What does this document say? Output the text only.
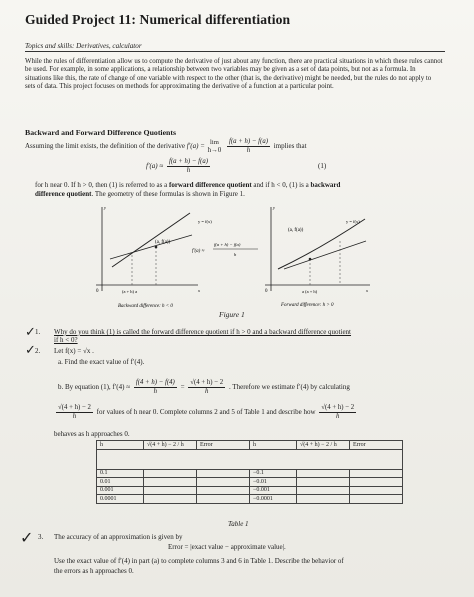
Guided Project 11: Numerical differentiation
Topics and skills: Derivatives, calculator
While the rules of differentiation allow us to compute the derivative of just about any function, there are practical situations in which these rules cannot be used. For example, in some applications, a relationship between two variables may be given as a set of data points, but not as a formula. In situations like this, the rate of change of one variable with respect to the other (that is, the derivative) might be needed, but the rules do not apply to sets of data. This project focuses on methods for approximating the derivative of a function at a particular point.
Backward and Forward Difference Quotients
Assuming the limit exists, the definition of the derivative f′(a) =
lim
h→0
$\frac{f(a + h) - f(a)}{h}$ implies that
$f'(a) \approx \frac{f(a + h) - f(a)}{h}$	(1)
for h near 0. If h > 0, then (1) is referred to as a forward difference quotient and if h < 0, (1) is a backward
difference quotient. The geometry of these formulas is shown in Figure 1.
(a, f(a))
y = f(x)
y
x
0	(a + h) a
Backward difference: h < 0
f′(a) ≈
f(a + h) − f(a)
h
(a, f(a))
y = f(x)
y
x
0	a (a + h)
Forward difference: h > 0
Figure 1
✓ 1. Why do you think (1) is called the forward difference quotient if h > 0 and a backward difference quotient
if h < 0?
✓ 2. Let f(x) = √x .
a. Find the exact value of f′(4).
b. By equation (1), $f'(4) \approx \frac{f(4 + h) - f(4)}{h} = \frac{√(4 + h) - 2}{h}$ . Therefore we estimate f′(4) by calculating
$\frac{√(4 + h) - 2}{h}$ for values of h near 0. Complete columns 2 and 5 of Table 1 and describe how $\frac{√(4 + h) - 2}{h}$
behaves as h approaches 0.
h	√(4 + h) − 2 / h	Error	h	√(4 + h) − 2 / h	Error

0.1			−0.1		
0.01			−0.01		
0.001			−0.001		
0.0001			−0.0001		
Table 1
✓ 3. The accuracy of an approximation is given by
Error = |exact value − approximate value|.
Use the exact value of f′(4) in part (a) to complete columns 3 and 6 in Table 1. Describe the behavior of
the errors as h approaches 0.
